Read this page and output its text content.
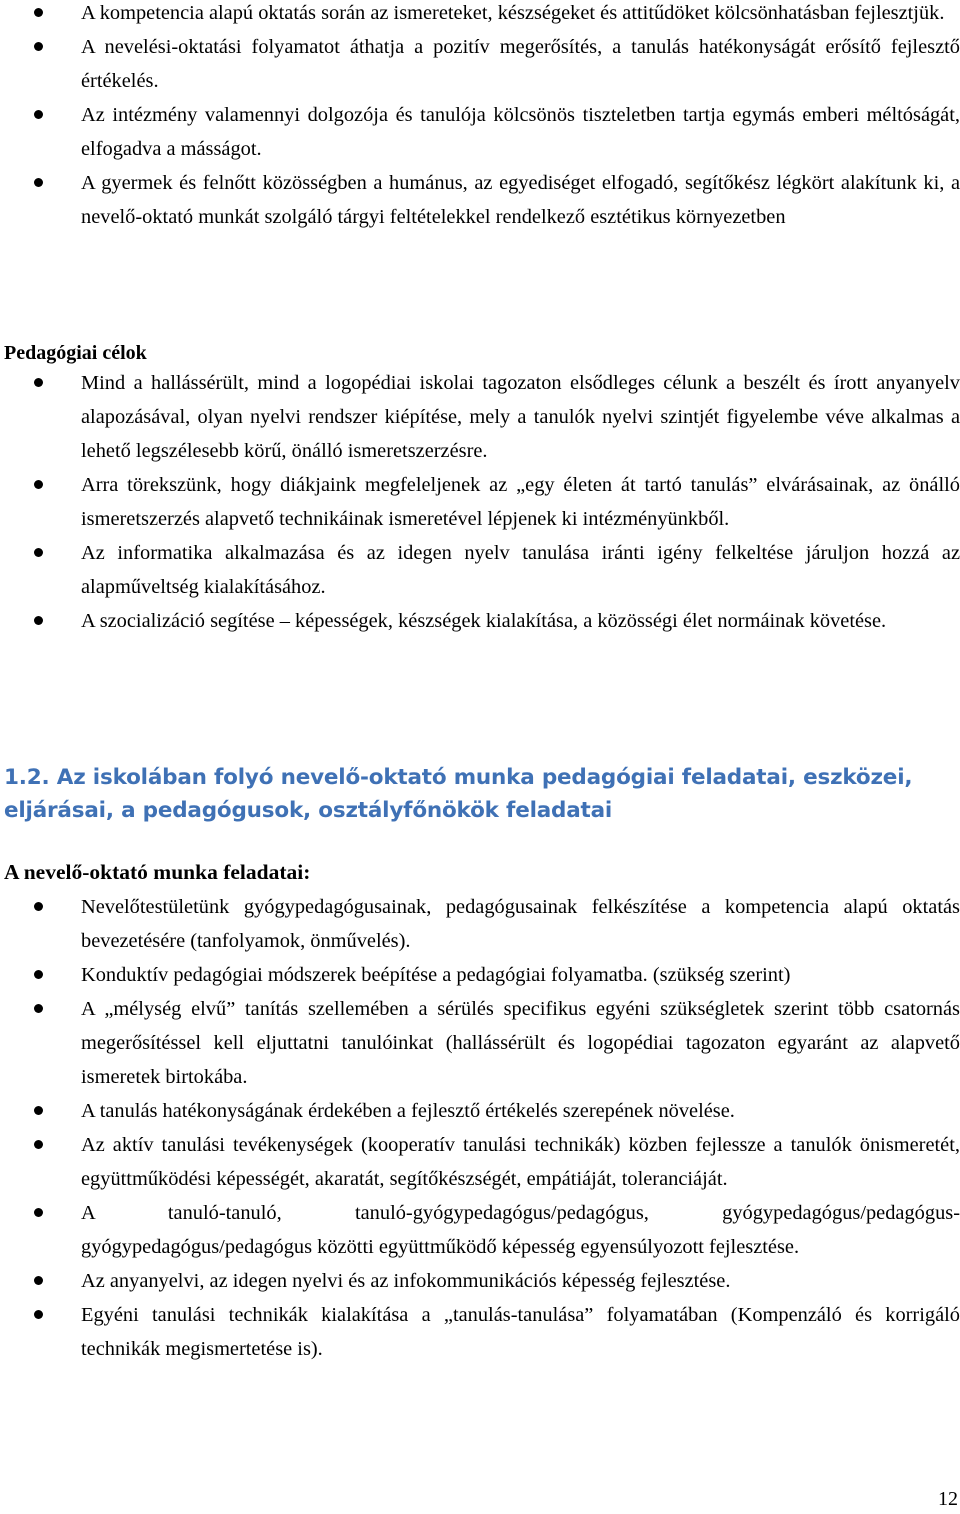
A kompetencia alapú oktatás során az ismereteket, készségeket és attitűdöket kölcsönhatásban fejlesztjük.
A nevelési-oktatási folyamatot áthatja a pozitív megerősítés, a tanulás hatékonyságát erősítő fejlesztő értékelés.
Az intézmény valamennyi dolgozója és tanulója kölcsönös tiszteletben tartja egymás emberi méltóságát, elfogadva a másságot.
A gyermek és felnőtt közösségben a humánus, az egyediséget elfogadó, segítőkész légkört alakítunk ki, a nevelő-oktató munkát szolgáló tárgyi feltételekkel rendelkező esztétikus környezetben
Pedagógiai célok
Mind a hallássérült, mind a logopédiai iskolai tagozaton elsődleges célunk a beszélt és írott anyanyelv alapozásával, olyan nyelvi rendszer kiépítése, mely a tanulók nyelvi szintjét figyelembe véve alkalmas a lehető legszélesebb körű, önálló ismeretszerzésre.
Arra törekszünk, hogy diákjaink megfeleljenek az „egy életen át tartó tanulás” elvárásainak, az önálló ismeretszerzés alapvető technikáinak ismeretével lépjenek ki intézményünkből.
Az informatika alkalmazása és az idegen nyelv tanulása iránti igény felkeltése járuljon hozzá az alapműveltség kialakításához.
A szocializáció segítése – képességek, készségek kialakítása, a közösségi élet normáinak követése.
1.2. Az iskolában folyó nevelő-oktató munka pedagógiai feladatai, eszközei, eljárásai, a pedagógusok, osztályfőnökök feladatai
A nevelő-oktató munka feladatai:
Nevelőtestületünk gyógypedagógusainak, pedagógusainak felkészítése a kompetencia alapú oktatás bevezetésére (tanfolyamok, önművelés).
Konduktív pedagógiai módszerek beépítése a pedagógiai folyamatba. (szükség szerint)
A „mélység elvű” tanítás szellemében a sérülés specifikus egyéni szükségletek szerint több csatornás megerősítéssel kell eljuttatni tanulóinkat (hallássérült és logopédiai tagozaton egyaránt az alapvető ismeretek birtokába.
A tanulás hatékonyságának érdekében a fejlesztő értékelés szerepének növelése.
Az aktív tanulási tevékenységek (kooperatív tanulási technikák) közben fejlessze a tanulók önismeretét, együttműködési képességét, akaratát, segítőkészségét, empátiáját, toleranciáját.
A tanuló-tanuló, tanuló-gyógypedagógus/pedagógus, gyógypedagógus/pedagógus-gyógypedagógus/pedagógus közötti együttműködő képesség egyensúlyozott fejlesztése.
Az anyanyelvi, az idegen nyelvi és az infokommunikációs képesség fejlesztése.
Egyéni tanulási technikák kialakítása a „tanulás-tanulása” folyamatában (Kompenzáló és korrigáló technikák megismertetése is).
12
